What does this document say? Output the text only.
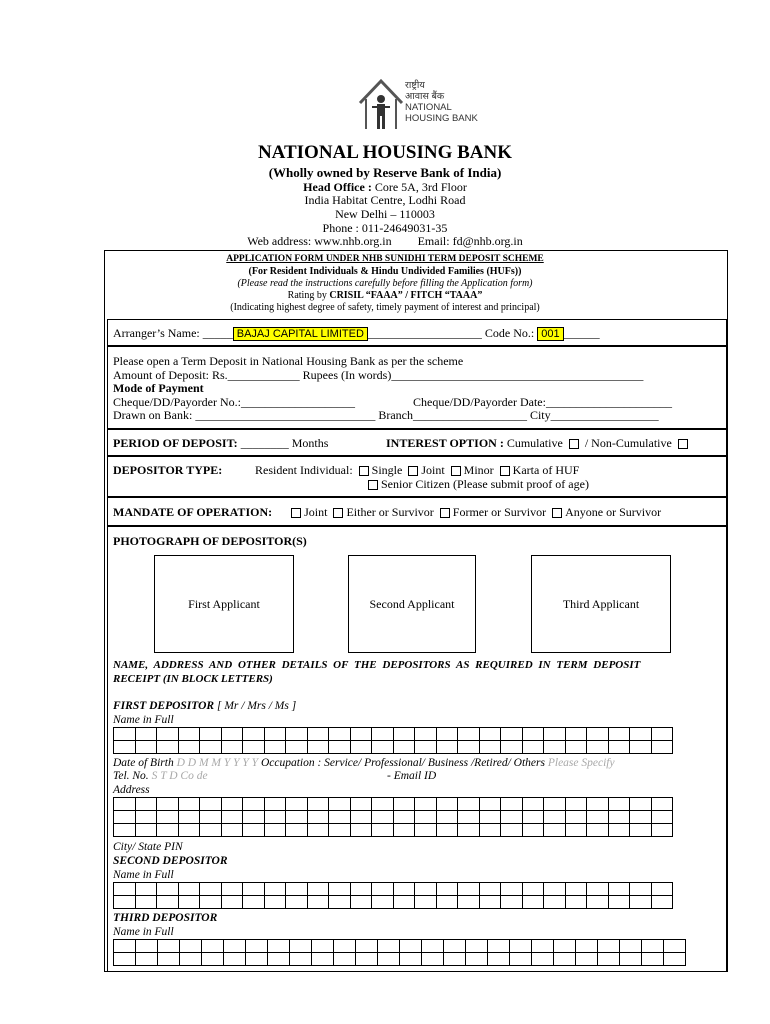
राष्ट्रीय
आवास बैंक
NATIONAL
HOUSING BANK
NATIONAL HOUSING BANK
(Wholly owned by Reserve Bank of India)
Head Office : Core 5A, 3rd Floor
India Habitat Centre, Lodhi Road
New Delhi – 110003
Phone : 011-24649031-35
Web address: www.nhb.org.in Email: fd@nhb.org.in
APPLICATION FORM UNDER NHB SUNIDHI TERM DEPOSIT SCHEME
(For Resident Individuals & Hindu Undivided Families (HUFs))
(Please read the instructions carefully before filling the Application form)
Rating by CRISIL “FAAA” / FITCH “TAAA”
(Indicating highest degree of safety, timely payment of interest and principal)
Arranger’s Name: _____ BAJAJ CAPITAL LIMITED ___________________ Code No.: 001 ______
Please open a Term Deposit in National Housing Bank as per the scheme
Amount of Deposit: Rs.____________ Rupees (In words)__________________________________________
Mode of Payment
Cheque/DD/Payorder No.:___________________	Cheque/DD/Payorder Date:_____________________
Drawn on Bank: ______________________________ Branch___________________ City__________________
PERIOD OF DEPOSIT: ________ Months	INTEREST OPTION : Cumulative / Non-Cumulative
DEPOSITOR TYPE:	Resident Individual: Single Joint Minor Karta of HUF
Senior Citizen (Please submit proof of age)
MANDATE OF OPERATION:	Joint Either or Survivor Former or Survivor Anyone or Survivor
PHOTOGRAPH OF DEPOSITOR(S)
First Applicant	Second Applicant	Third Applicant
NAME, ADDRESS AND OTHER DETAILS OF THE DEPOSITORS AS REQUIRED IN TERM DEPOSIT
RECEIPT (IN BLOCK LETTERS)
FIRST DEPOSITOR [ Mr / Mrs / Ms ]
Name in Full

Date of Birth D D M M Y Y Y Y Occupation : Service/ Professional/ Business /Retired/ Others Please Specify
Tel. No. S T D Co de	- Email ID
Address

City/ State PIN
SECOND DEPOSITOR
Name in Full

THIRD DEPOSITOR
Name in Full
